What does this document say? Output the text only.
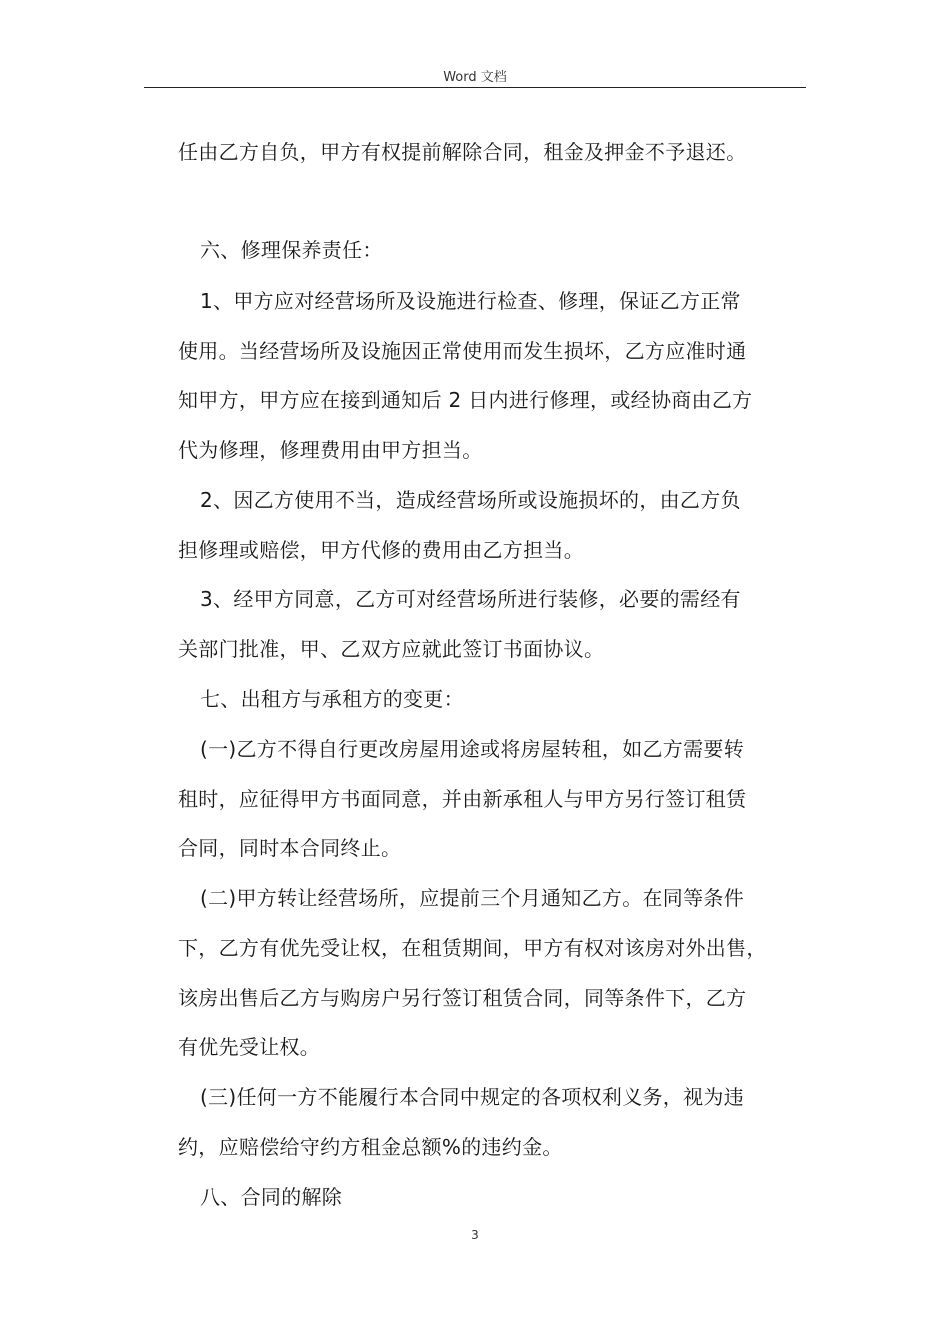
Word 文档
任由乙方自负，甲方有权提前解除合同，租金及押金不予退还。
六、修理保养责任：
1、甲方应对经营场所及设施进行检查、修理，保证乙方正常
使用。当经营场所及设施因正常使用而发生损坏，乙方应准时通
知甲方，甲方应在接到通知后 2 日内进行修理，或经协商由乙方
代为修理，修理费用由甲方担当。
2、因乙方使用不当，造成经营场所或设施损坏的，由乙方负
担修理或赔偿，甲方代修的费用由乙方担当。
3、经甲方同意，乙方可对经营场所进行装修，必要的需经有
关部门批准，甲、乙双方应就此签订书面协议。
七、出租方与承租方的变更：
(一)乙方不得自行更改房屋用途或将房屋转租，如乙方需要转
租时，应征得甲方书面同意，并由新承租人与甲方另行签订租赁
合同，同时本合同终止。
(二)甲方转让经营场所，应提前三个月通知乙方。在同等条件
下，乙方有优先受让权，在租赁期间，甲方有权对该房对外出售，
该房出售后乙方与购房户另行签订租赁合同，同等条件下，乙方
有优先受让权。
(三)任何一方不能履行本合同中规定的各项权利义务，视为违
约，应赔偿给守约方租金总额%的违约金。
八、合同的解除
3
